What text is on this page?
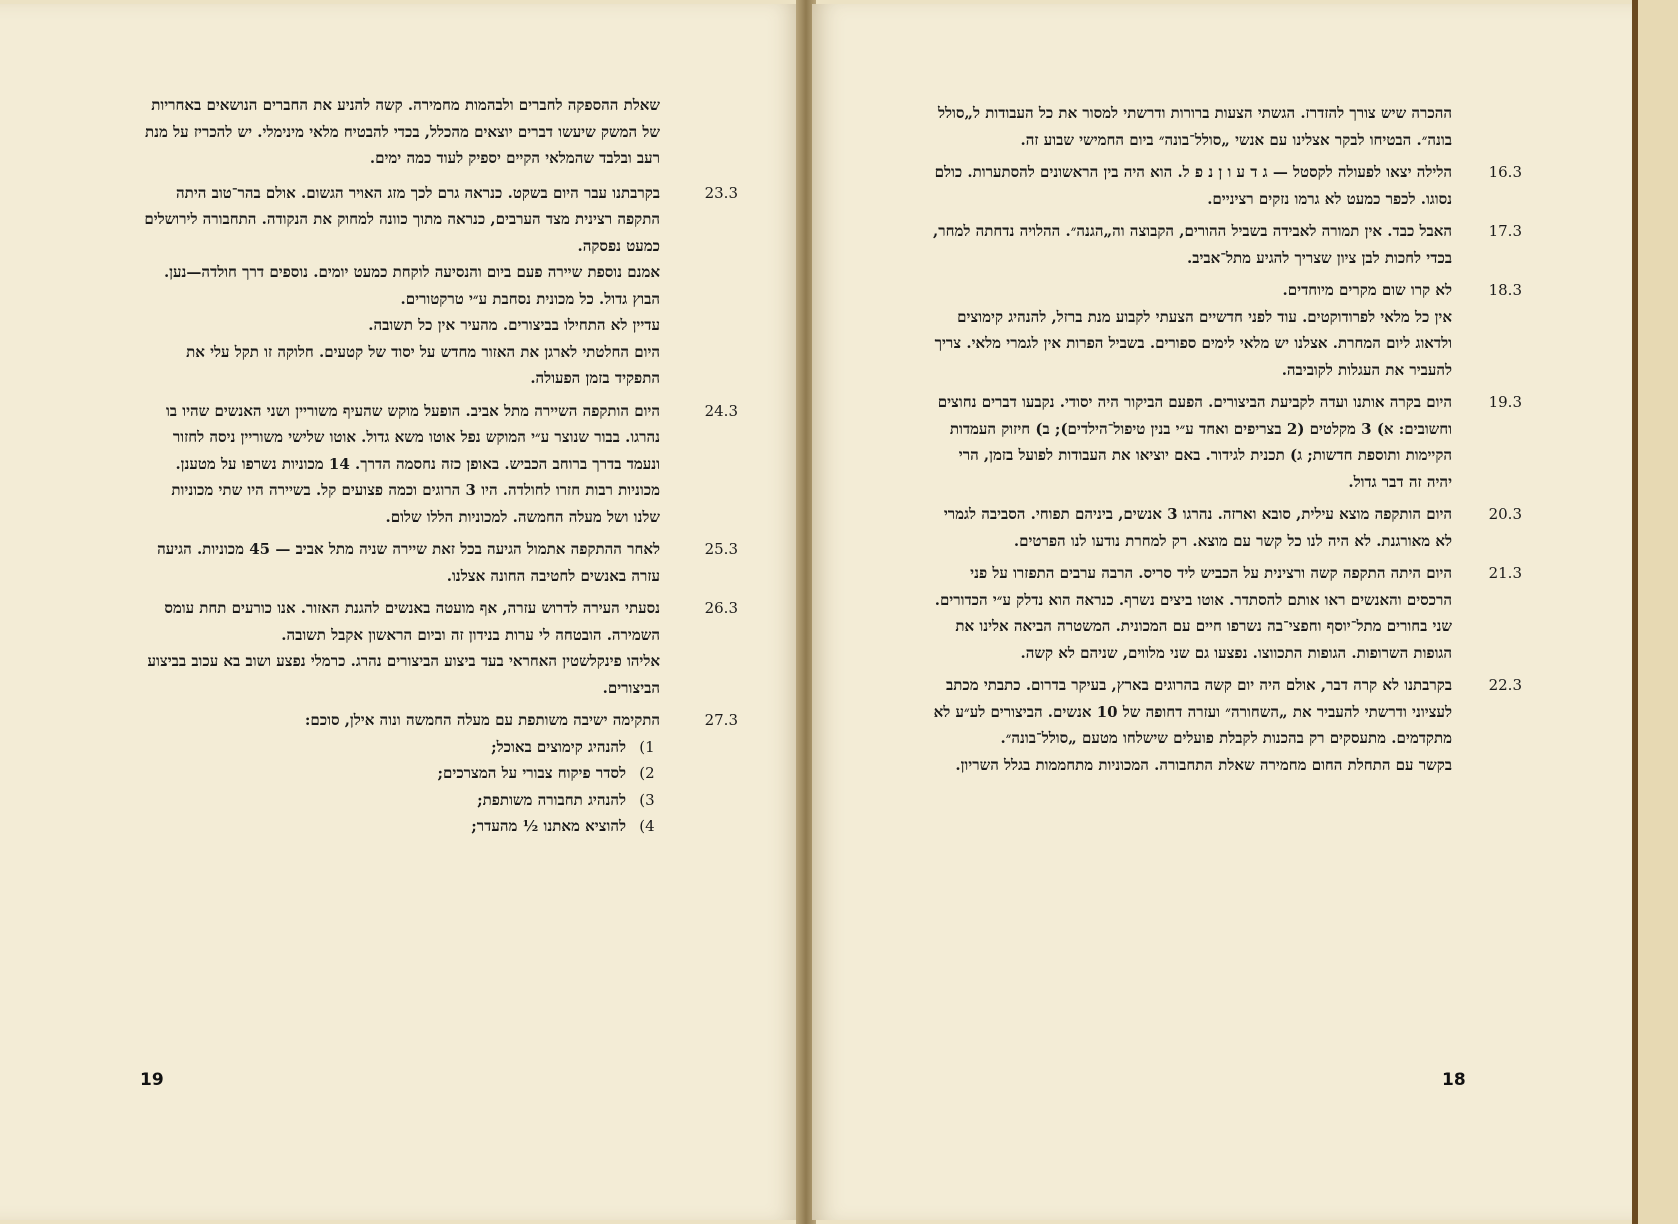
שאלת ההספקה לחברים ולבהמות מחמירה. קשה להניע את החברים הנושאים באחריות של המשק שיעשו דברים יוצאים מהכלל, בכדי להבטיח מלאי מינימלי. יש להכריז על מנת רעב ובלבד שהמלאי הקיים יספיק לעוד כמה ימים.

23.3

בקרבתנו עבר היום בשקט. כנראה גרם לכך מזג האויר הגשום. אולם בהר־טוב היתה התקפה רצינית מצד הערבים, כנראה מתוך כוונה למחוק את הנקודה. התחבורה לירושלים כמעט נפסקה.

אמנם נוספת שיירה פעם ביום והנסיעה לוקחת כמעט יומים. נוספים דרך חולדה—נען. הבוץ גדול. כל מכונית נסחבת ע״י טרקטורים.

עדיין לא התחילו בביצורים. מהעיר אין כל תשובה.

היום החלטתי לארגן את האזור מחדש על יסוד של קטעים. חלוקה זו תקל עלי את התפקיד בזמן הפעולה.

24.3

היום הותקפה השיירה מתל אביב. הופעל מוקש שהעיף משוריין ושני האנשים שהיו בו נהרגו. בבור שנוצר ע״י המוקש נפל אוטו משא גדול. אוטו שלישי משוריין ניסה לחזור ונעמד בדרך ברוחב הכביש. באופן כזה נחסמה הדרך. 14 מכוניות נשרפו על מטענן. מכוניות רבות חזרו לחולדה. היו 3 הרוגים וכמה פצועים קל. בשיירה היו שתי מכוניות שלנו ושל מעלה החמשה. למכוניות הללו שלום.

25.3

לאחר ההתקפה אתמול הגיעה בכל זאת שיירה שניה מתל אביב — 45 מכוניות. הגיעה עזרה באנשים לחטיבה החונה אצלנו.

26.3

נסעתי העירה לדרוש עזרה, אף מועטה באנשים להגנת האזור. אנו כורעים תחת עומס השמירה. הובטחה לי ערות בנידון זה וביום הראשון אקבל תשובה.

אליהו פינקלשטין האחראי בעד ביצוע הביצורים נהרג. כרמלי נפצע ושוב בא עכוב בביצוע הביצורים.

27.3

התקימה ישיבה משותפת עם מעלה החמשה ונוה אילן, סוכם:

1)
להנהיג קימוצים באוכל;
2)
לסדר פיקוח צבורי על המצרכים;
3)
להנהיג תחבורה משותפת;
4)
להוציא מאתנו ½ מהעדר;
19

ההכרה שיש צורך להזדרז. הגשתי הצעות ברורות ודרשתי למסור את כל העבודות ל„סולל בונה״. הבטיחו לבקר אצלינו עם אנשי „סולל־בונה״ ביום החמישי שבוע זה.

16.3

הלילה יצאו לפעולה לקסטל — ג ד ע ו ן נ פ ל. הוא היה בין הראשונים להסתערות. כולם נסוגו. לכפר כמעט לא גרמו נזקים רציניים.

17.3

האבל כבד. אין תמורה לאבידה בשביל ההורים, הקבוצה וה„הגנה״. ההלויה נדחתה למחר, בכדי לחכות לבן ציון שצריך להגיע מתל־אביב.

18.3

לא קרו שום מקרים מיוחדים.

אין כל מלאי לפרודוקטים. עוד לפני חדשיים הצעתי לקבוע מנת ברזל, להנהיג קימוצים ולדאוג ליום המחרת. אצלנו יש מלאי לימים ספורים. בשביל הפרות אין לגמרי מלאי. צריך להעביר את העגלות לקוביבה.

19.3

היום בקרה אותנו ועדה לקביעת הביצורים. הפעם הביקור היה יסודי. נקבעו דברים נחוצים וחשובים: א) 3 מקלטים (2 בצריפים ואחד ע״י בנין טיפול־הילדים); ב) חיזוק העמדות הקיימות ותוספת חדשות; ג) תכנית לגידור. באם יוציאו את העבודות לפועל בזמן, הרי יהיה זה דבר גדול.

20.3

היום הותקפה מוצא עילית, סובא וארזה. נהרגו 3 אנשים, ביניהם תפוחי. הסביבה לגמרי לא מאורגנת. לא היה לנו כל קשר עם מוצא. רק למחרת נודעו לנו הפרטים.

21.3

היום היתה התקפה קשה ורצינית על הכביש ליד סריס. הרבה ערבים התפזרו על פני הרכסים והאנשים ראו אותם להסתדר. אוטו ביצים נשרף. כנראה הוא נדלק ע״י הכדורים. שני בחורים מתל־יוסף וחפצי־בה נשרפו חיים עם המכונית. המשטרה הביאה אלינו את הגופות השרופות. הגופות התכווצו. נפצעו גם שני מלווים, שניהם לא קשה.

22.3

בקרבתנו לא קרה דבר, אולם היה יום קשה בהרוגים בארץ, בעיקר בדרום. כתבתי מכתב לעציוני ודרשתי להעביר את „השחורה״ ועזרה דחופה של 10 אנשים. הביצורים לע״ע לא מתקדמים. מתעסקים רק בהכנות לקבלת פועלים שישלחו מטעם „סולל־בונה״.

בקשר עם התחלת החום מחמירה שאלת התחבורה. המכוניות מתחממות בגלל השריון.

18
